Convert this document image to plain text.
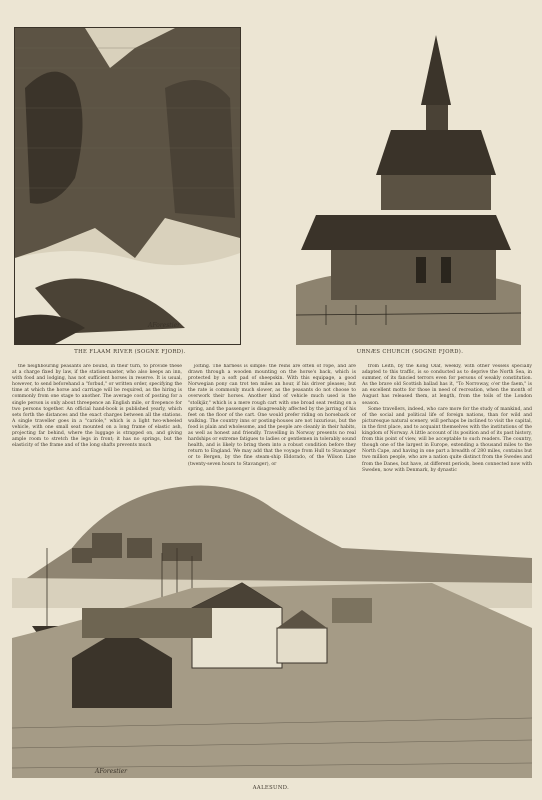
AForestier
THE FLAAM RIVER (SOGNE FJORD).	URNÆS CHURCH (SOGNE FJORD).

the neighbouring peasants are bound, in their turn, to provide these at a charge fixed by law, if the station-master, who also keeps an inn, with food and lodging, has not sufficient horses in reserve. It is usual, however, to send beforehand a "forbud," or written order, specifying the time at which the horse and carriage will be required, as the hiring is commonly from one stage to another. The average cost of posting for a single person is only about threepence an English mile, or fivepence for two persons together. An official hand-book is published yearly, which sets forth the distances and the exact charges between all the stations. A single traveller goes in a "cariole," which is a light two-wheeled vehicle, with one small seat mounted on a long frame of elastic ash, projecting far behind, where the luggage is strapped on, and giving ample room to stretch the legs in front; it has no springs, but the elasticity of the frame and of the long shafts prevents much

jolting. The harness is simple: the reins are often of rope, and are drawn through a wooden mounting on the horse's back, which is protected by a soft pad of sheepskin. With this equipage, a good Norwegian pony can trot ten miles an hour, if his driver pleases; but the rate is commonly much slower, as the peasants do not choose to overwork their horses. Another kind of vehicle much used is the "stolkjär," which is a mere rough cart with one broad seat resting on a spring, and the passenger is disagreeably affected by the jarring of his feet on the floor of the cart. One would prefer riding on horseback or walking. The country inns or posting-houses are not luxurious, but the food is plain and wholesome, and the people are cleanly in their habits, as well as honest and friendly. Travelling in Norway presents no real hardships or extreme fatigues to ladies or gentlemen in tolerably sound health, and is likely to bring them into a robust condition before they return to England. We may add that the voyage from Hull to Stavanger or to Bergen, by the fine steam-ship Eldorado, of the Wilson Line (twenty-seven hours to Stavanger), or

from Leith, by the Kong Olaf, weekly, with other vessels specially adapted to this traffic, is so conducted as to deprive the North Sea, in summer, of its fancied terrors even for persons of weakly constitution. As the brave old Scottish ballad has it, "To Norroway, o'er the faem," is an excellent motto for those in need of recreation, when the month of August has released them, at length, from the toils of the London season.

Some travellers, indeed, who care more for the study of mankind, and of the social and political life of foreign nations, than for wild and picturesque natural scenery, will perhaps be inclined to visit the capital, in the first place, and to acquaint themselves with the institutions of the kingdom of Norway. A little account of its position and of its past history, from this point of view, will be acceptable to such readers. The country, though one of the largest in Europe, extending a thousand miles to the North Cape, and having in one part a breadth of 280 miles, contains but two million people, who are a nation quite distinct from the Swedes and from the Danes, but have, at different periods, been connected now with Sweden, now with Denmark, by dynastic

AForestier
AALESUND.
